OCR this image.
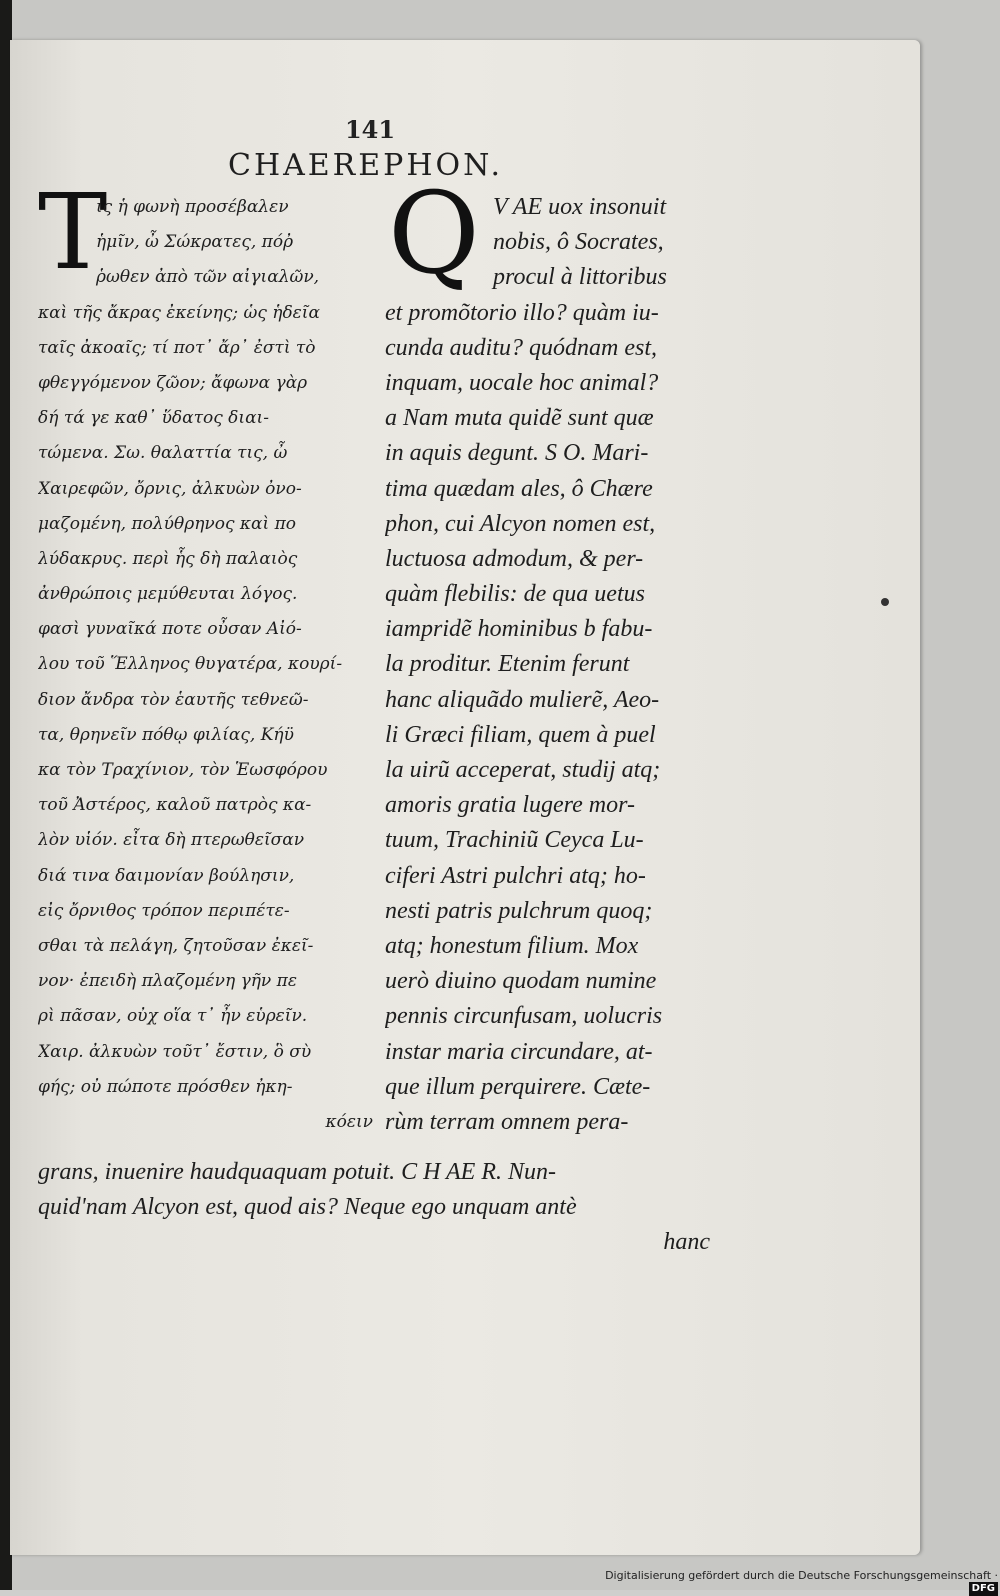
141
CHAEREPHON.
T	Q
ις ἡ φωνὴ προσέβαλεν
ἡμῖν, ὦ Σώκρατες, πόῤ
ῥωθεν ἀπὸ τῶν αἰγιαλῶν,
καὶ τῆς ἄκρας ἐκείνης; ὡς ἡδεῖα
ταῖς ἀκοαῖς; τί ποτ᾽ ἄρ᾽ ἐστὶ τὸ
φθεγγόμενον ζῶον; ἄφωνα γὰρ
δή τά γε καθ᾽ ὕδατος διαι-
τώμενα. Σω. θαλαττία τις, ὦ
Χαιρεφῶν, ὄρνις, ἀλκυὼν ὀνο-
μαζομένη, πολύθρηνος καὶ πο
λύδακρυς. περὶ ἧς δὴ παλαιὸς
ἀνθρώποις μεμύθευται λόγος.
φασὶ γυναῖκά ποτε οὖσαν Αἰό-
λου τοῦ Ἕλληνος θυγατέρα, κουρί-
διον ἄνδρα τὸν ἑαυτῆς τεθνεῶ-
τα, θρηνεῖν πόθῳ φιλίας, Κήϋ
κα τὸν Τραχίνιον, τὸν Ἑωσφόρου
τοῦ Ἀστέρος, καλοῦ πατρὸς κα-
λὸν υἱόν. εἶτα δὴ πτερωθεῖσαν
διά τινα δαιμονίαν βούλησιν,
εἰς ὄρνιθος τρόπον περιπέτε-
σθαι τὰ πελάγη, ζητοῦσαν ἐκεῖ-
νον· ἐπειδὴ πλαζομένη γῆν πε
ρὶ πᾶσαν, οὐχ οἵα τ᾽ ἦν εὑρεῖν.
Χαιρ. ἀλκυὼν τοῦτ᾽ ἔστιν, ὃ σὺ
φής; οὐ πώποτε πρόσθεν ἠκη-
κόειν
V AE uox insonuit
nobis, ô Socrates,
procul à littoribus
et promõtorio illo? quàm iu-
cunda auditu? quódnam est,
inquam, uocale hoc animal?
a Nam muta quidẽ sunt quæ
in aquis degunt. S O. Mari-
tima quædam ales, ô Chære
phon, cui Alcyon nomen est,
luctuosa admodum, & per-
quàm flebilis: de qua uetus
iampridẽ hominibus b fabu-
la proditur. Etenim ferunt
hanc aliquãdo mulierẽ, Aeo-
li Græci filiam, quem à puel
la uirũ acceperat, studij atq;
amoris gratia lugere mor-
tuum, Trachiniũ Ceyca Lu-
ciferi Astri pulchri atq; ho-
nesti patris pulchrum quoq;
atq; honestum filium. Mox
uerò diuino quodam numine
pennis circunfusam, uolucris
instar maria circundare, at-
que illum perquirere. Cæte-
rùm terram omnem pera-
grans, inuenire haudquaquam potuit. C H AE R. Nun-
quid'nam Alcyon est, quod ais? Neque ego unquam antè
hanc
Digitalisierung gefördert durch die Deutsche Forschungsgemeinschaft · DFG
